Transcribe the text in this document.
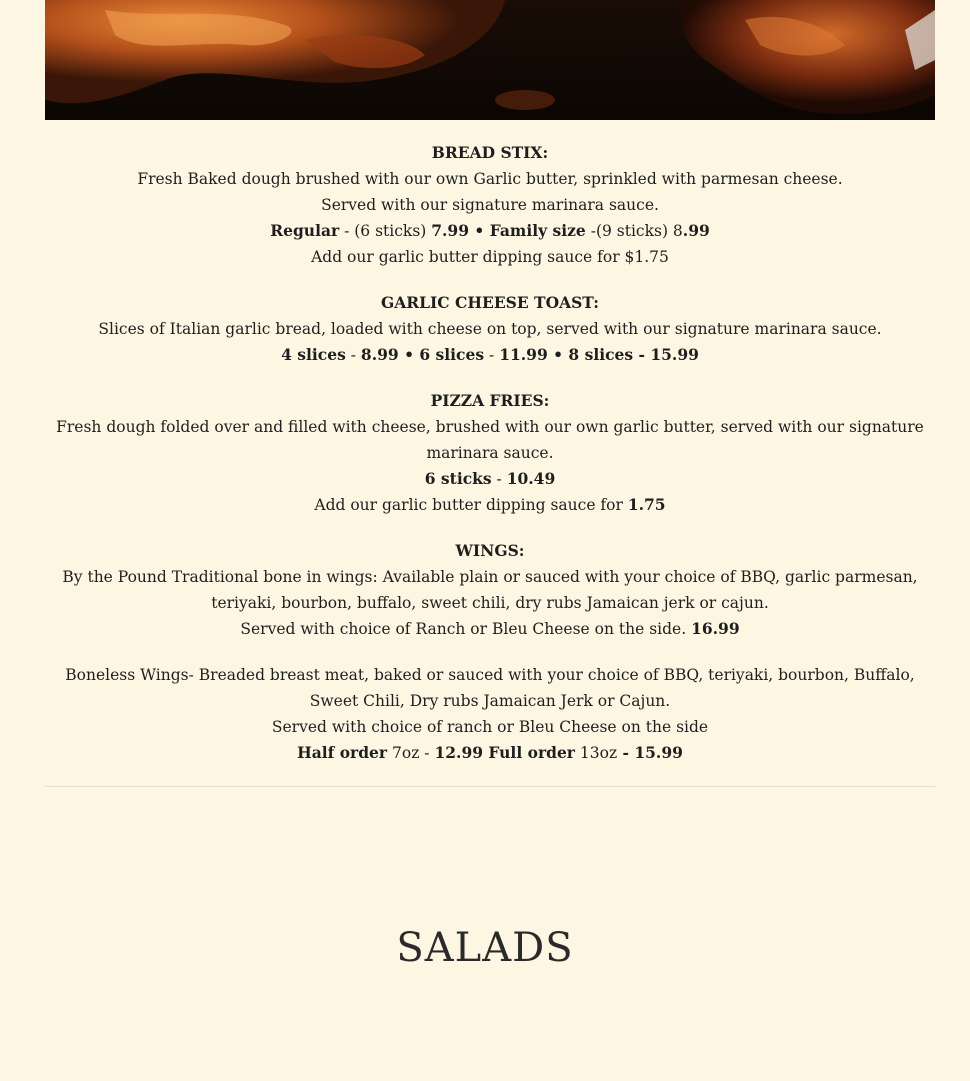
BREAD STIX:

Fresh Baked dough brushed with our own Garlic butter, sprinkled with parmesan cheese.

Served with our signature marinara sauce.

Regular - (6 sticks) 7.99 • Family size -(9 sticks) 8.99

Add our garlic butter dipping sauce for $1.75

GARLIC CHEESE TOAST:

Slices of Italian garlic bread, loaded with cheese on top, served with our signature marinara sauce.

4 slices - 8.99 • 6 slices - 11.99 • 8 slices - 15.99

PIZZA FRIES:

Fresh dough folded over and filled with cheese, brushed with our own garlic butter, served with our signature marinara sauce.

6 sticks - 10.49

Add our garlic butter dipping sauce for 1.75

WINGS:

By the Pound Traditional bone in wings: Available plain or sauced with your choice of BBQ, garlic parmesan, teriyaki, bourbon, buffalo, sweet chili, dry rubs Jamaican jerk or cajun.

Served with choice of Ranch or Bleu Cheese on the side. 16.99

Boneless Wings- Breaded breast meat, baked or sauced with your choice of BBQ, teriyaki, bourbon, Buffalo, Sweet Chili, Dry rubs Jamaican Jerk or Cajun.

Served with choice of ranch or Bleu Cheese on the side

Half order 7oz - 12.99 Full order 13oz - 15.99

SALADS
